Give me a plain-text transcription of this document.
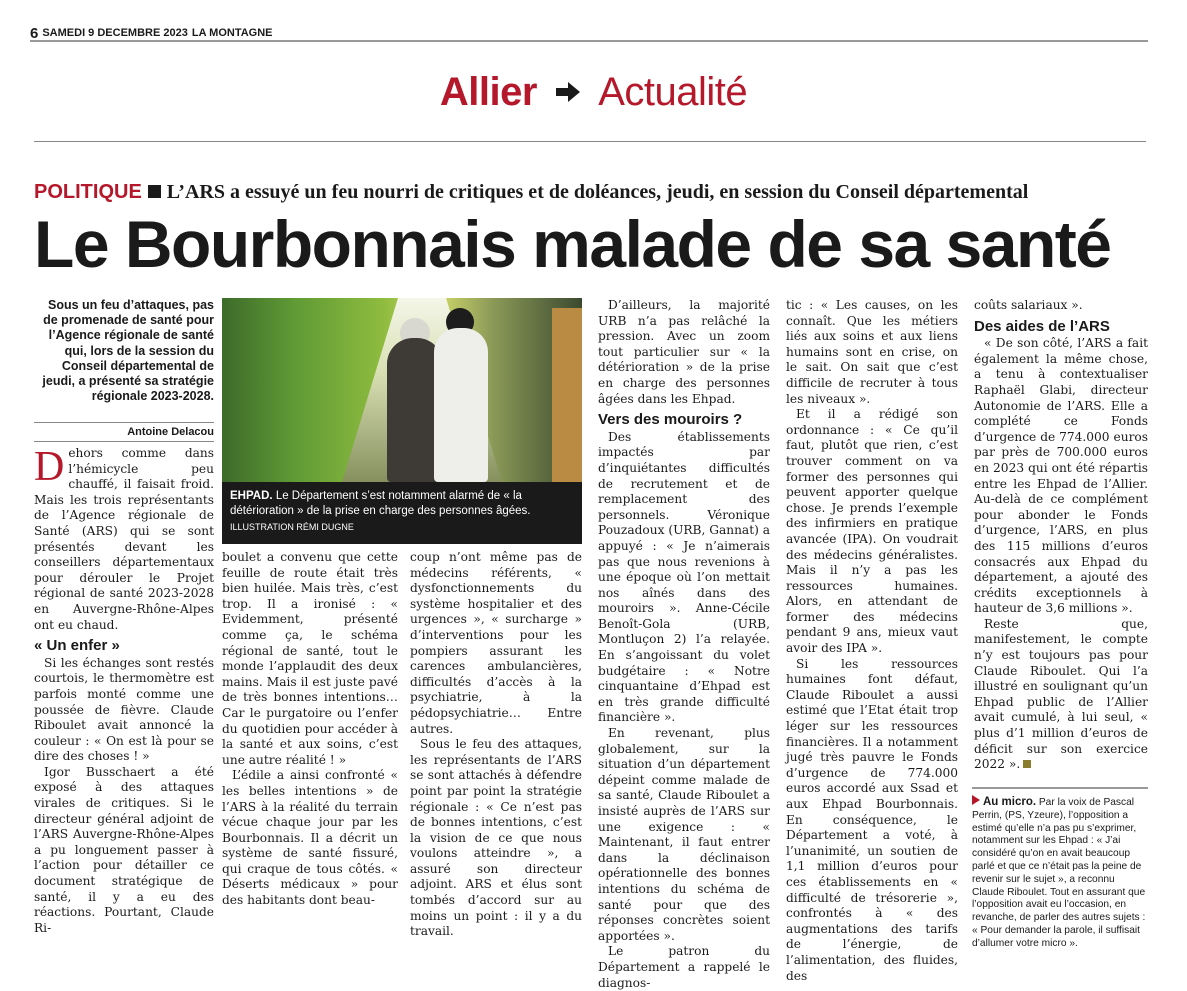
6 SAMEDI 9 DECEMBRE 2023 LA MONTAGNE
Allier Actualité
POLITIQUE L’ARS a essuyé un feu nourri de critiques et de doléances, jeudi, en session du Conseil départemental
Le Bourbonnais malade de sa santé
Sous un feu d’attaques, pas de promenade de santé pour l’Agence régionale de santé qui, lors de la session du Conseil départemental de jeudi, a présenté sa stratégie régionale 2023-2028.
Antoine Delacou

Dehors comme dans l’hémicycle peu chauffé, il faisait froid. Mais les trois représentants de l’Agence régionale de Santé (ARS) qui se sont présentés devant les conseillers départementaux pour dérouler le Projet régional de santé 2023-2028 en Auvergne-Rhône-Alpes ont eu chaud.

« Un enfer »

Si les échanges sont restés courtois, le thermomètre est parfois monté comme une poussée de fièvre. Claude Riboulet avait annoncé la couleur : « On est là pour se dire des choses ! »

Igor Busschaert a été exposé à des attaques virales de critiques. Si le directeur général adjoint de l’ARS Auvergne-Rhône-Alpes a pu longuement passer à l’action pour détailler ce document stratégique de santé, il y a eu des réactions. Pourtant, Claude Ri-

EHPAD. Le Département s’est notamment alarmé de « la détérioration » de la prise en charge des personnes âgées.
ILLUSTRATION RÉMI DUGNE

boulet a convenu que cette feuille de route était très bien huilée. Mais très, c’est trop. Il a ironisé : « Evidemment, présenté comme ça, le schéma régional de santé, tout le monde l’applaudit des deux mains. Mais il est juste pavé de très bonnes intentions… Car le purgatoire ou l’enfer du quotidien pour accéder à la santé et aux soins, c’est une autre réalité ! »

L’édile a ainsi confronté « les belles intentions » de l’ARS à la réalité du terrain vécue chaque jour par les Bourbonnais. Il a décrit un système de santé fissuré, qui craque de tous côtés. « Déserts médicaux » pour des habitants dont beau-

coup n’ont même pas de médecins référents, « dysfonctionnements du système hospitalier et des urgences », « surcharge » d’interventions pour les pompiers assurant les carences ambulancières, difficultés d’accès à la psychiatrie, à la pédopsychiatrie… Entre autres.

Sous le feu des attaques, les représentants de l’ARS se sont attachés à défendre point par point la stratégie régionale : « Ce n’est pas de bonnes intentions, c’est la vision de ce que nous voulons atteindre », a assuré son directeur adjoint. ARS et élus sont tombés d’accord sur au moins un point : il y a du travail.

D’ailleurs, la majorité URB n’a pas relâché la pression. Avec un zoom tout particulier sur « la détérioration » de la prise en charge des personnes âgées dans les Ehpad.

Vers des mouroirs ?

Des établissements impactés par d’inquiétantes difficultés de recrutement et de remplacement des personnels. Véronique Pouzadoux (URB, Gannat) a appuyé : « Je n’aimerais pas que nous revenions à une époque où l’on mettait nos aînés dans des mouroirs ». Anne-Cécile Benoît-Gola (URB, Montluçon 2) l’a relayée. En s’angoissant du volet budgétaire : « Notre cinquantaine d’Ehpad est en très grande difficulté financière ».

En revenant, plus globalement, sur la situation d’un département dépeint comme malade de sa santé, Claude Riboulet a insisté auprès de l’ARS sur une exigence : « Maintenant, il faut entrer dans la déclinaison opérationnelle des bonnes intentions du schéma de santé pour que des réponses concrètes soient apportées ».

Le patron du Département a rappelé le diagnos-

tic : « Les causes, on les connaît. Que les métiers liés aux soins et aux liens humains sont en crise, on le sait. On sait que c’est difficile de recruter à tous les niveaux ».

Et il a rédigé son ordonnance : « Ce qu’il faut, plutôt que rien, c’est trouver comment on va former des personnes qui peuvent apporter quelque chose. Je prends l’exemple des infirmiers en pratique avancée (IPA). On voudrait des médecins généralistes. Mais il n’y a pas les ressources humaines. Alors, en attendant de former des médecins pendant 9 ans, mieux vaut avoir des IPA ».

Si les ressources humaines font défaut, Claude Riboulet a aussi estimé que l’Etat était trop léger sur les ressources financières. Il a notamment jugé très pauvre le Fonds d’urgence de 774.000 euros accordé aux Ssad et aux Ehpad Bourbonnais. En conséquence, le Département a voté, à l’unanimité, un soutien de 1,1 million d’euros pour ces établissements en « difficulté de trésorerie », confrontés à « des augmentations des tarifs de l’énergie, de l’alimentation, des fluides, des

coûts salariaux ».

Des aides de l’ARS

« De son côté, l’ARS a fait également la même chose, a tenu à contextualiser Raphaël Glabi, directeur Autonomie de l’ARS. Elle a complété ce Fonds d’urgence de 774.000 euros par près de 700.000 euros en 2023 qui ont été répartis entre les Ehpad de l’Allier. Au-delà de ce complément pour abonder le Fonds d’urgence, l’ARS, en plus des 115 millions d’euros consacrés aux Ehpad du département, a ajouté des crédits exceptionnels à hauteur de 3,6 millions ».

Reste que, manifestement, le compte n’y est toujours pas pour Claude Riboulet. Qui l’a illustré en soulignant qu’un Ehpad public de l’Allier avait cumulé, à lui seul, « plus d’1 million d’euros de déficit sur son exercice 2022 ».

Au micro. Par la voix de Pascal Perrin, (PS, Yzeure), l’opposition a estimé qu’elle n’a pas pu s’exprimer, notamment sur les Ehpad : « J’ai considéré qu’on en avait beaucoup parlé et que ce n’était pas la peine de revenir sur le sujet », a reconnu Claude Riboulet. Tout en assurant que l’opposition avait eu l’occasion, en revanche, de parler des autres sujets : « Pour demander la parole, il suffisait d’allumer votre micro ».
